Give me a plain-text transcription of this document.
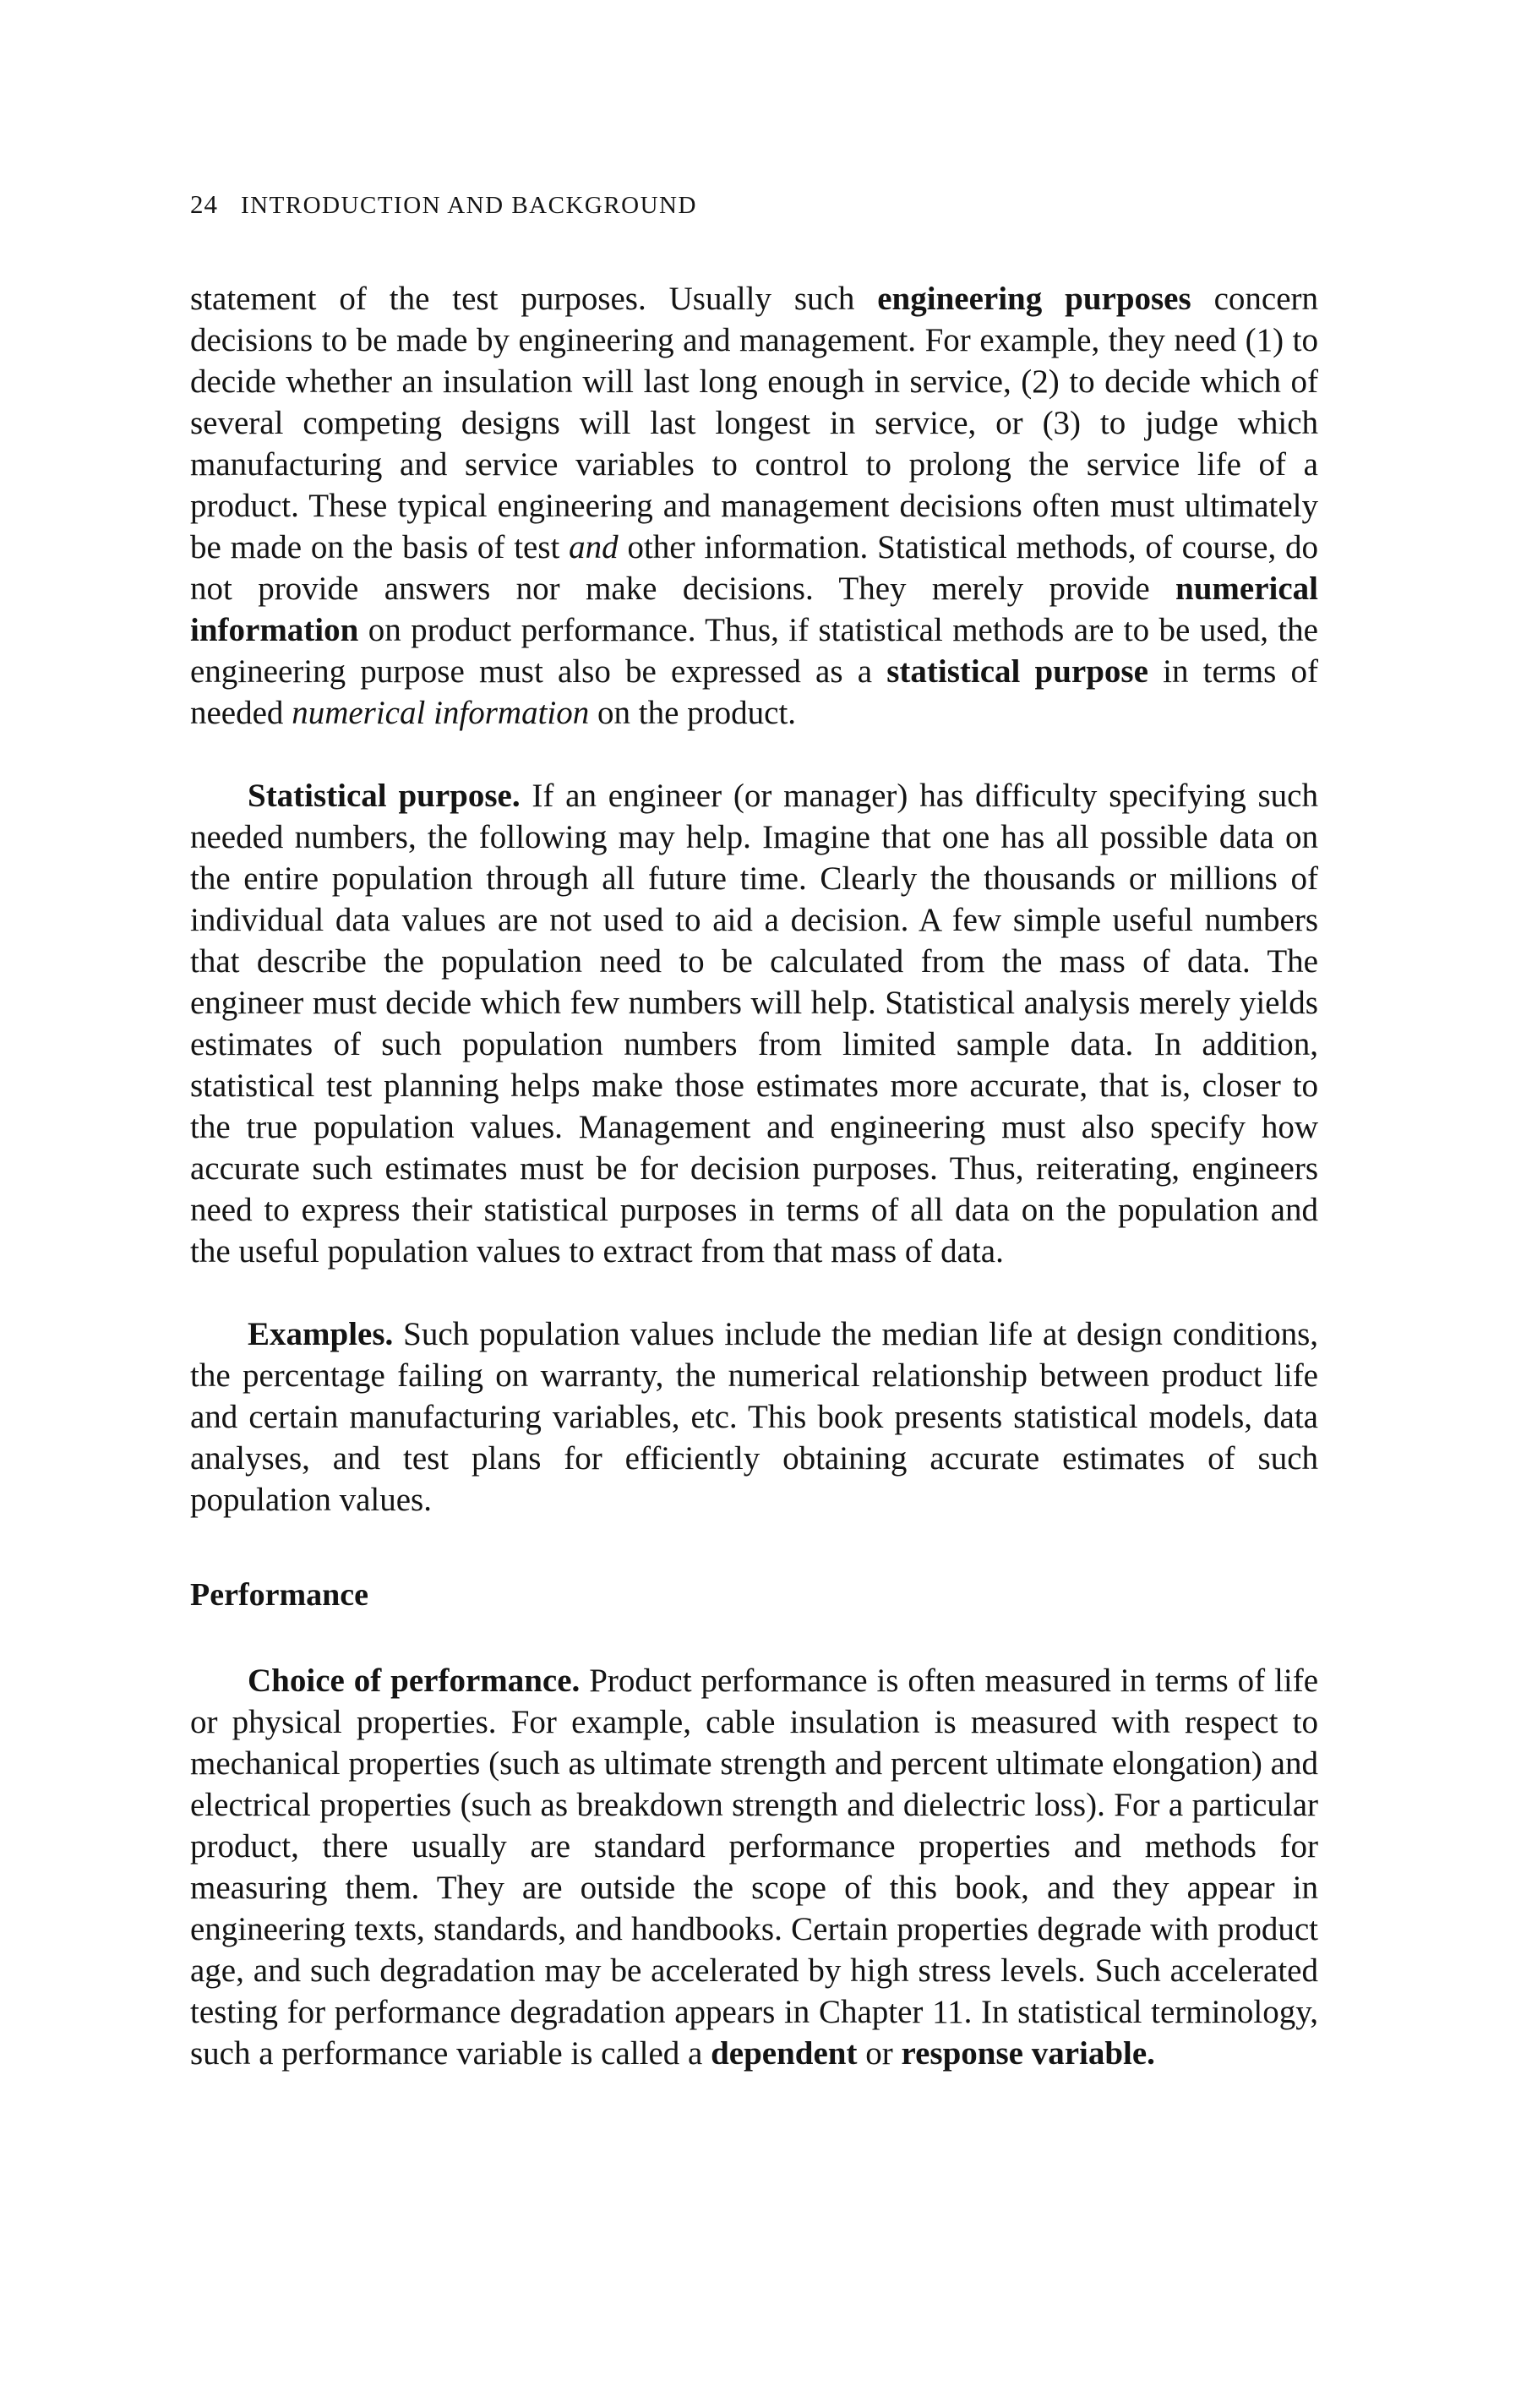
24 INTRODUCTION AND BACKGROUND

statement of the test purposes. Usually such engineering purposes concern decisions to be made by engineering and management. For example, they need (1) to decide whether an insulation will last long enough in service, (2) to decide which of several competing designs will last longest in service, or (3) to judge which manufacturing and service variables to control to prolong the service life of a product. These typical engineering and management decisions often must ultimately be made on the basis of test and other information. Statistical methods, of course, do not provide answers nor make decisions. They merely provide numerical information on product performance. Thus, if statistical methods are to be used, the engineering purpose must also be expressed as a statistical purpose in terms of needed numerical information on the product.

Statistical purpose. If an engineer (or manager) has difficulty specifying such needed numbers, the following may help. Imagine that one has all possible data on the entire population through all future time. Clearly the thousands or millions of individual data values are not used to aid a decision. A few simple useful numbers that describe the population need to be calculated from the mass of data. The engineer must decide which few numbers will help. Statistical analysis merely yields estimates of such population numbers from limited sample data. In addition, statistical test planning helps make those estimates more accurate, that is, closer to the true population values. Management and engineering must also specify how accurate such estimates must be for decision purposes. Thus, reiterating, engineers need to express their statistical purposes in terms of all data on the population and the useful population values to extract from that mass of data.

Examples. Such population values include the median life at design conditions, the percentage failing on warranty, the numerical relationship between product life and certain manufacturing variables, etc. This book presents statistical models, data analyses, and test plans for efficiently obtaining accurate estimates of such population values.

Performance

Choice of performance. Product performance is often measured in terms of life or physical properties. For example, cable insulation is measured with respect to mechanical properties (such as ultimate strength and percent ultimate elongation) and electrical properties (such as breakdown strength and dielectric loss). For a particular product, there usually are standard performance properties and methods for measuring them. They are outside the scope of this book, and they appear in engineering texts, standards, and handbooks. Certain properties degrade with product age, and such degradation may be accelerated by high stress levels. Such accelerated testing for performance degradation appears in Chapter 11. In statistical terminology, such a performance variable is called a dependent or response variable.
